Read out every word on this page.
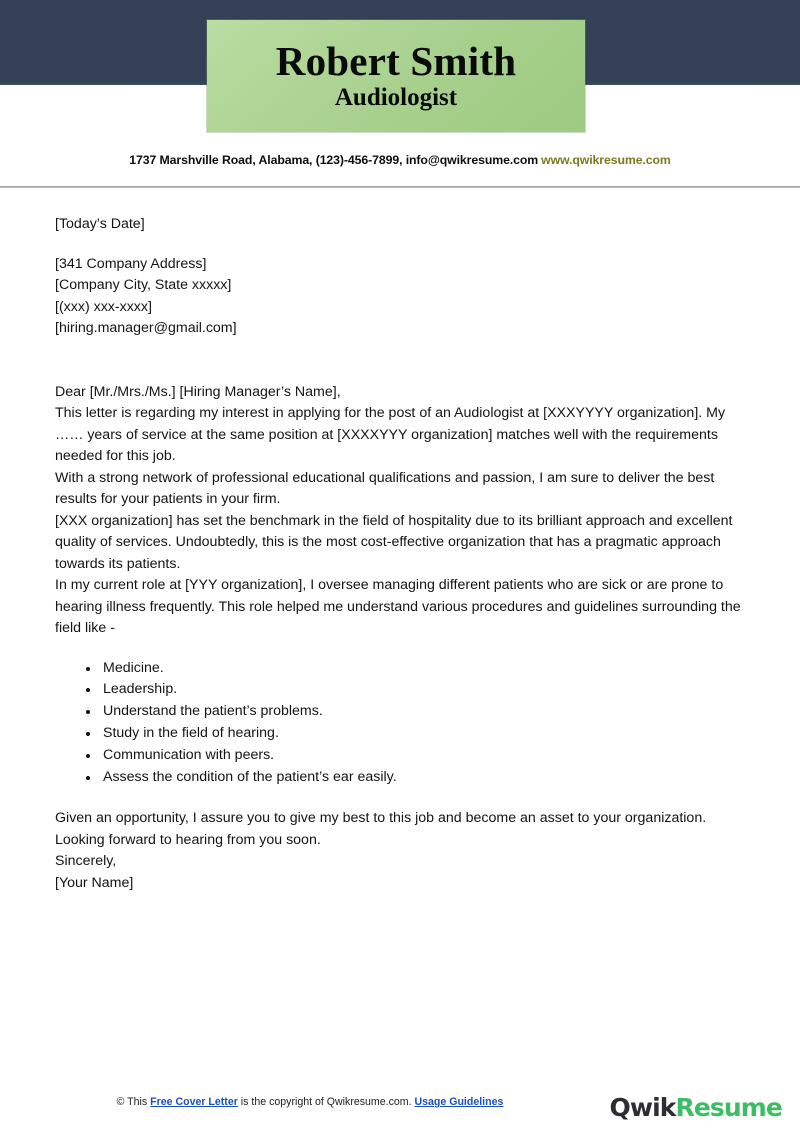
Robert Smith
Audiologist
1737 Marshville Road, Alabama, (123)-456-7899, info@qwikresume.com www.qwikresume.com
[Today’s Date]
[341 Company Address]
[Company City, State xxxxx]
[(xxx) xxx-xxxx]
[hiring.manager@gmail.com]

Dear [Mr./Mrs./Ms.] [Hiring Manager’s Name],

This letter is regarding my interest in applying for the post of an Audiologist at [XXXYYYY organization]. My …… years of service at the same position at [XXXXYYY organization] matches well with the requirements needed for this job.

With a strong network of professional educational qualifications and passion, I am sure to deliver the best results for your patients in your firm.

[XXX organization] has set the benchmark in the field of hospitality due to its brilliant approach and excellent quality of services. Undoubtedly, this is the most cost-effective organization that has a pragmatic approach towards its patients.

In my current role at [YYY organization], I oversee managing different patients who are sick or are prone to hearing illness frequently. This role helped me understand various procedures and guidelines surrounding the field like -

Medicine.
Leadership.
Understand the patient’s problems.
Study in the field of hearing.
Communication with peers.
Assess the condition of the patient’s ear easily.

Given an opportunity, I assure you to give my best to this job and become an asset to your organization.

Looking forward to hearing from you soon.

Sincerely,
[Your Name]
© This Free Cover Letter is the copyright of Qwikresume.com. Usage Guidelines	QwikResume
